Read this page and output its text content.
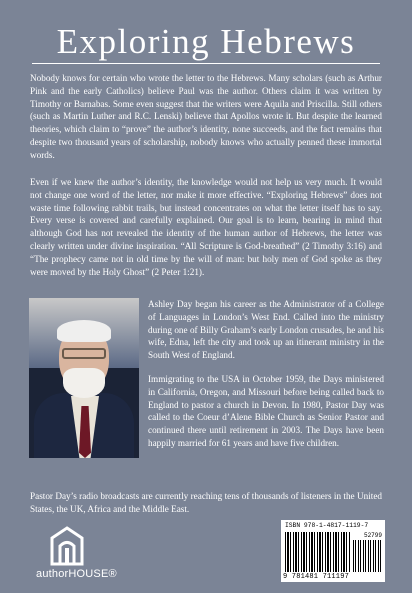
Exploring Hebrews

Nobody knows for certain who wrote the letter to the Hebrews. Many scholars (such as Arthur Pink and the early Catholics) believe Paul was the author. Others claim it was written by Timothy or Barnabas. Some even suggest that the writers were Aquila and Priscilla. Still others (such as Martin Luther and R.C. Lenski) believe that Apollos wrote it. But despite the learned theories, which claim to “prove” the author’s identity, none succeeds, and the fact remains that despite two thousand years of scholarship, nobody knows who actually penned these immortal words.

Even if we knew the author’s identity, the knowledge would not help us very much. It would not change one word of the letter, nor make it more effective. “Exploring Hebrews” does not waste time following rabbit trails, but instead concentrates on what the letter itself has to say. Every verse is covered and carefully explained. Our goal is to learn, bearing in mind that although God has not revealed the identity of the human author of Hebrews, the letter was clearly written under divine inspiration. “All Scripture is God-breathed” (2 Timothy 3:16) and “The prophecy came not in old time by the will of man: but holy men of God spoke as they were moved by the Holy Ghost” (2 Peter 1:21).

Ashley Day began his career as the Administrator of a College of Languages in London’s West End. Called into the ministry during one of Billy Graham’s early London crusades, he and his wife, Edna, left the city and took up an itinerant ministry in the South West of England.

Immigrating to the USA in October 1959, the Days ministered in California, Oregon, and Missouri before being called back to England to pastor a church in Devon. In 1980, Pastor Day was called to the Coeur d’Alene Bible Church as Senior Pastor and continued there until retirement in 2003. The Days have been happily married for 61 years and have five children.

Pastor Day’s radio broadcasts are currently reaching tens of thousands of listeners in the United States, the UK, Africa and the Middle East.

authorHOUSE®
ISBN 978-1-4817-1119-7
52799
9 781481 711197
